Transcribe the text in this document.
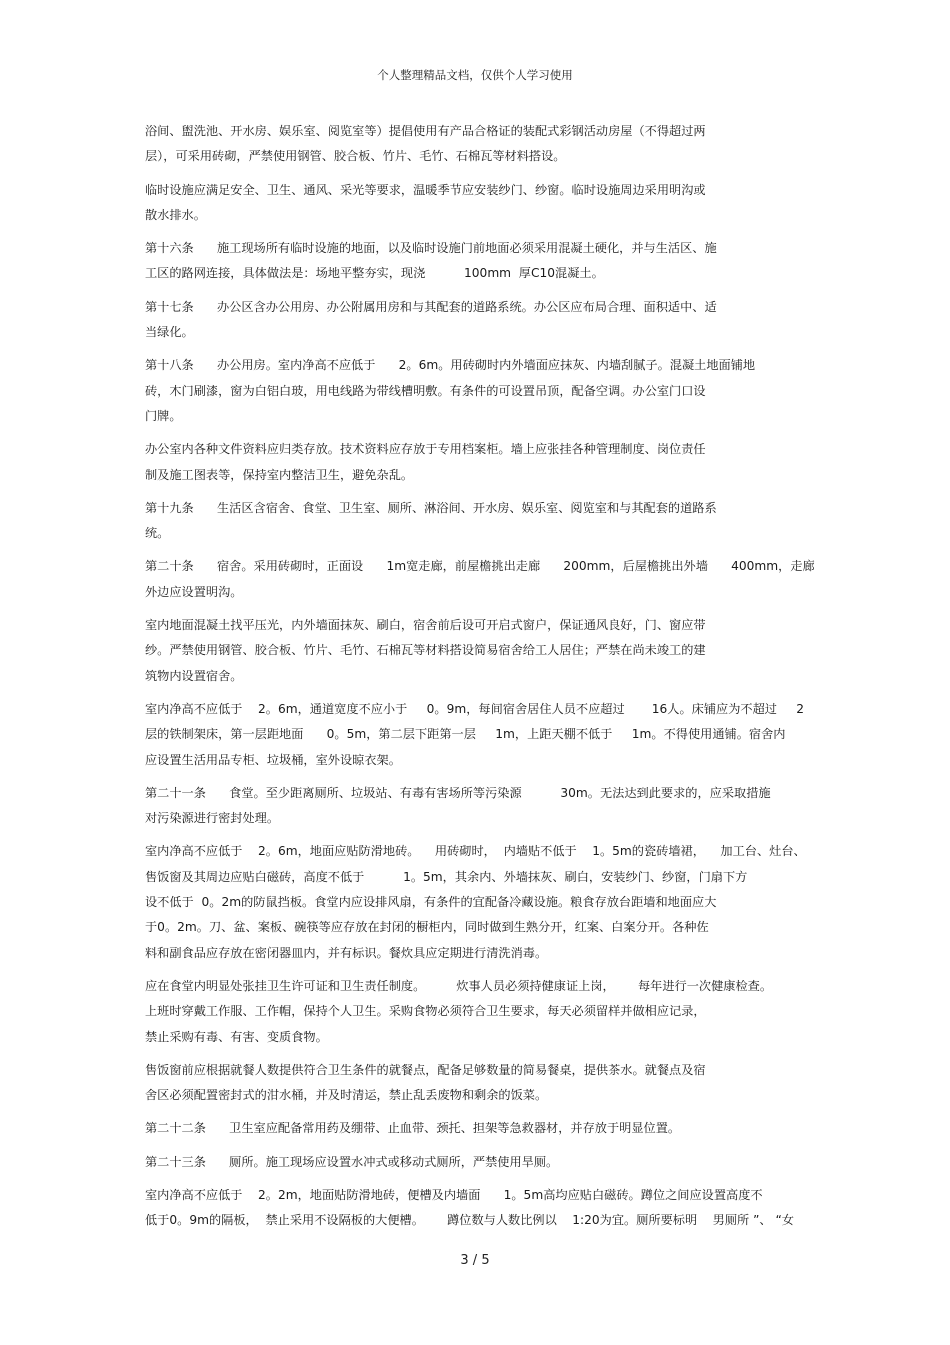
个人整理精品文档，仅供个人学习使用
浴间、盥洗池、开水房、娱乐室、阅览室等）提倡使用有产品合格证的装配式彩钢活动房屋（不得超过两
层），可采用砖砌，严禁使用钢管、胶合板、竹片、毛竹、石棉瓦等材料搭设。
临时设施应满足安全、卫生、通风、采光等要求，温暖季节应安装纱门、纱窗。临时设施周边采用明沟或
散水排水。
第十六条      施工现场所有临时设施的地面，以及临时设施门前地面必须采用混凝土硬化，并与生活区、施
工区的路网连接，具体做法是：场地平整夯实，现浇          100mm  厚C10混凝土。
第十七条      办公区含办公用房、办公附属用房和与其配套的道路系统。办公区应布局合理、面积适中、适
当绿化。
第十八条      办公用房。室内净高不应低于      2。6m。用砖砌时内外墙面应抹灰、内墙刮腻子。混凝土地面铺地
砖，木门刷漆，窗为白铝白玻，用电线路为带线槽明敷。有条件的可设置吊顶，配备空调。办公室门口设
门牌。
办公室内各种文件资料应归类存放。技术资料应存放于专用档案柜。墙上应张挂各种管理制度、岗位责任
制及施工图表等，保持室内整洁卫生，避免杂乱。
第十九条      生活区含宿舍、食堂、卫生室、厕所、淋浴间、开水房、娱乐室、阅览室和与其配套的道路系
统。
第二十条      宿舍。采用砖砌时，正面设      1m宽走廊，前屋檐挑出走廊      200mm，后屋檐挑出外墙      400mm，走廊
外边应设置明沟。
室内地面混凝土找平压光，内外墙面抹灰、刷白，宿舍前后设可开启式窗户，保证通风良好，门、窗应带
纱。严禁使用钢管、胶合板、竹片、毛竹、石棉瓦等材料搭设简易宿舍给工人居住；严禁在尚未竣工的建
筑物内设置宿舍。
室内净高不应低于    2。6m，通道宽度不应小于     0。9m，每间宿舍居住人员不应超过       16人。床铺应为不超过     2
层的铁制架床，第一层距地面      0。5m，第二层下距第一层     1m，上距天棚不低于     1m。不得使用通铺。宿舍内
应设置生活用品专柜、垃圾桶，室外设晾衣架。
第二十一条      食堂。至少距离厕所、垃圾站、有毒有害场所等污染源          30m。无法达到此要求的，应采取措施
对污染源进行密封处理。
室内净高不应低于    2。6m，地面应贴防滑地砖。    用砖砌时，  内墙贴不低于    1。5m的瓷砖墙裙，    加工台、灶台、
售饭窗及其周边应贴白磁砖，高度不低于          1。5m，其余内、外墙抹灰、刷白，安装纱门、纱窗，门扇下方
设不低于  0。2m的防鼠挡板。食堂内应设排风扇，有条件的宜配备冷藏设施。粮食存放台距墙和地面应大
于0。2m。刀、盆、案板、碗筷等应存放在封闭的橱柜内，同时做到生熟分开，红案、白案分开。各种佐
料和副食品应存放在密闭器皿内，并有标识。餐炊具应定期进行清洗消毒。
应在食堂内明显处张挂卫生许可证和卫生责任制度。        炊事人员必须持健康证上岗，      每年进行一次健康检查。
上班时穿戴工作服、工作帽，保持个人卫生。采购食物必须符合卫生要求，每天必须留样并做相应记录，
禁止采购有毒、有害、变质食物。
售饭窗前应根据就餐人数提供符合卫生条件的就餐点，配备足够数量的简易餐桌，提供茶水。就餐点及宿
舍区必须配置密封式的泔水桶，并及时清运，禁止乱丢废物和剩余的饭菜。
第二十二条      卫生室应配备常用药及绷带、止血带、颈托、担架等急救器材，并存放于明显位置。
第二十三条      厕所。施工现场应设置水冲式或移动式厕所，严禁使用旱厕。
室内净高不应低于    2。2m，地面贴防滑地砖，便槽及内墙面      1。5m高均应贴白磁砖。蹲位之间应设置高度不
低于0。9m的隔板，  禁止采用不设隔板的大便槽。      蹲位数与人数比例以    1:20为宜。厕所要标明    男厕所 ”、 “女
3 / 5
